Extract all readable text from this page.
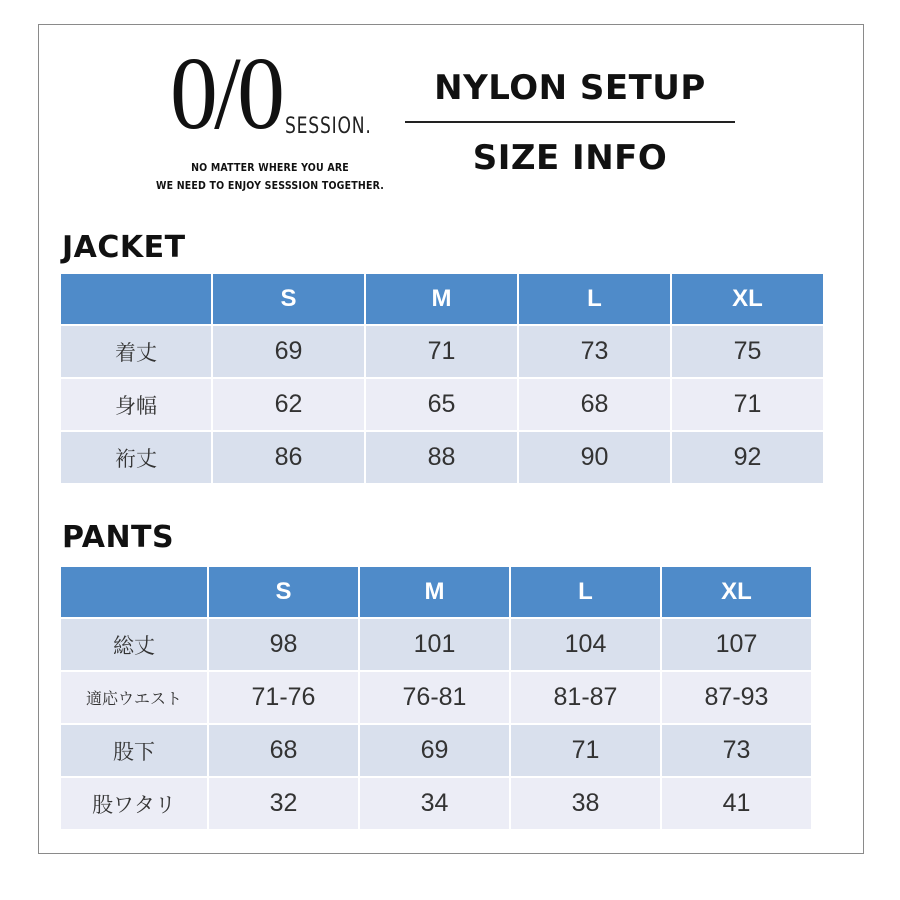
0/0 SESSION.
NO MATTER WHERE YOU ARE
WE NEED TO ENJOY SESSSION TOGETHER.
NYLON SETUP
SIZE INFO
JACKET
	S	M	L	XL
着丈	69	71	73	75
身幅	62	65	68	71
裄丈	86	88	90	92
PANTS
	S	M	L	XL
総丈	98	101	104	107
適応ウエスト	71-76	76-81	81-87	87-93
股下	68	69	71	73
股ワタリ	32	34	38	41
